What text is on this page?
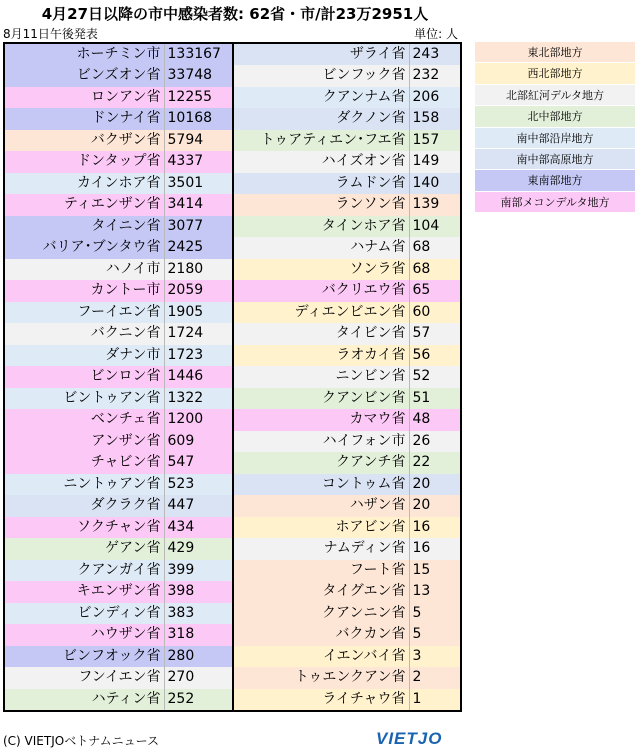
4月27日以降の市中感染者数: 62省・市/計23万2951人
8月11日午後発表	単位: 人
ホーチミン市	133167
ビンズオン省	33748
ロンアン省	12255
ドンナイ省	10168
バクザン省	5794
ドンタップ省	4337
カインホア省	3501
ティエンザン省	3414
タイニン省	3077
バリア･ブンタウ省	2425
ハノイ市	2180
カントー市	2059
フーイエン省	1905
バクニン省	1724
ダナン市	1723
ビンロン省	1446
ビントゥアン省	1322
ベンチェ省	1200
アンザン省	609
チャビン省	547
ニントゥアン省	523
ダクラク省	447
ソクチャン省	434
ゲアン省	429
クアンガイ省	399
キエンザン省	398
ビンディン省	383
ハウザン省	318
ビンフオック省	280
フンイエン省	270
ハティン省	252
ザライ省	243
ビンフック省	232
クアンナム省	206
ダクノン省	158
トゥアティエン･フエ省	157
ハイズオン省	149
ラムドン省	140
ランソン省	139
タインホア省	104
ハナム省	68
ソンラ省	68
バクリエウ省	65
ディエンビエン省	60
タイビン省	57
ラオカイ省	56
ニンビン省	52
クアンビン省	51
カマウ省	48
ハイフォン市	26
クアンチ省	22
コントゥム省	20
ハザン省	20
ホアビン省	16
ナムディン省	16
フート省	15
タイグエン省	13
クアンニン省	5
バクカン省	5
イエンバイ省	3
トゥエンクアン省	2
ライチャウ省	1
東北部地方
西北部地方
北部紅河デルタ地方
北中部地方
南中部沿岸地方
南中部高原地方
東南部地方
南部メコンデルタ地方
(C) VIETJOベトナムニュース	VIETJO
